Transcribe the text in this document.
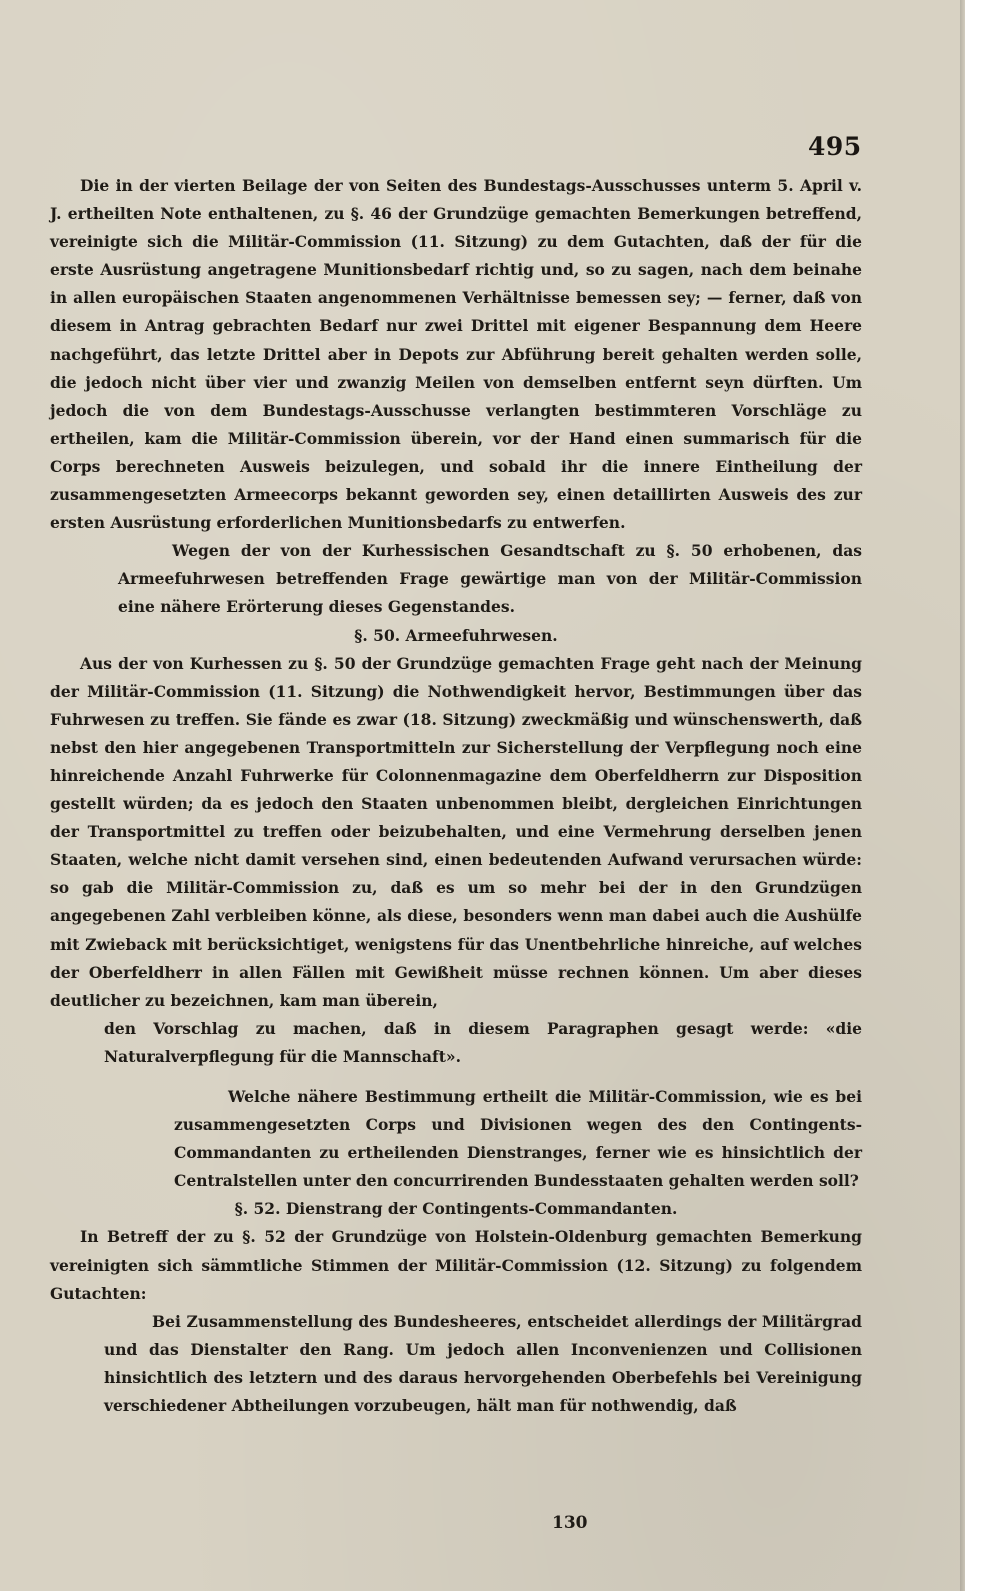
495

Die in der vierten Beilage der von Seiten des Bundestags-Ausschusses unterm 5. April v. J. ertheilten Note enthaltenen, zu §. 46 der Grundzüge gemachten Bemerkungen betreffend, vereinigte sich die Militär-Commission (11. Sitzung) zu dem Gutachten, daß der für die erste Ausrüstung angetragene Munitionsbedarf richtig und, so zu sagen, nach dem beinahe in allen europäischen Staaten angenommenen Verhältnisse bemessen sey; — ferner, daß von diesem in Antrag gebrachten Bedarf nur zwei Drittel mit eigener Bespannung dem Heere nachgeführt, das letzte Drittel aber in Depots zur Abführung bereit gehalten werden solle, die jedoch nicht über vier und zwanzig Meilen von demselben entfernt seyn dürften. Um jedoch die von dem Bundestags-Ausschusse verlangten bestimmteren Vorschläge zu ertheilen, kam die Militär-Commission überein, vor der Hand einen summarisch für die Corps berechneten Ausweis beizulegen, und sobald ihr die innere Eintheilung der zusammengesetzten Armeecorps bekannt geworden sey, einen detaillirten Ausweis des zur ersten Ausrüstung erforderlichen Munitionsbedarfs zu entwerfen.

Wegen der von der Kurhessischen Gesandtschaft zu §. 50 erhobenen, das Armeefuhrwesen betreffenden Frage gewärtige man von der Militär-Commission eine nähere Erörterung dieses Gegenstandes.

§. 50. Armeefuhrwesen.

Aus der von Kurhessen zu §. 50 der Grundzüge gemachten Frage geht nach der Meinung der Militär-Commission (11. Sitzung) die Nothwendigkeit hervor, Bestimmungen über das Fuhrwesen zu treffen. Sie fände es zwar (18. Sitzung) zweckmäßig und wünschenswerth, daß nebst den hier angegebenen Transportmitteln zur Sicherstellung der Verpflegung noch eine hinreichende Anzahl Fuhrwerke für Colonnenmagazine dem Oberfeldherrn zur Disposition gestellt würden; da es jedoch den Staaten unbenommen bleibt, dergleichen Einrichtungen der Transportmittel zu treffen oder beizubehalten, und eine Vermehrung derselben jenen Staaten, welche nicht damit versehen sind, einen bedeutenden Aufwand verursachen würde: so gab die Militär-Commission zu, daß es um so mehr bei der in den Grundzügen angegebenen Zahl verbleiben könne, als diese, besonders wenn man dabei auch die Aushülfe mit Zwieback mit berücksichtiget, wenigstens für das Unentbehrliche hinreiche, auf welches der Oberfeldherr in allen Fällen mit Gewißheit müsse rechnen können. Um aber dieses deutlicher zu bezeichnen, kam man überein,

den Vorschlag zu machen, daß in diesem Paragraphen gesagt werde: «die Naturalverpflegung für die Mannschaft».

Welche nähere Bestimmung ertheilt die Militär-Commission, wie es bei zusammengesetzten Corps und Divisionen wegen des den Contingents-Commandanten zu ertheilenden Dienstranges, ferner wie es hinsichtlich der Centralstellen unter den concurrirenden Bundesstaaten gehalten werden soll?

§. 52. Dienstrang der Contingents-Commandanten.

In Betreff der zu §. 52 der Grundzüge von Holstein-Oldenburg gemachten Bemerkung vereinigten sich sämmtliche Stimmen der Militär-Commission (12. Sitzung) zu folgendem Gutachten:

Bei Zusammenstellung des Bundesheeres, entscheidet allerdings der Militärgrad und das Dienstalter den Rang. Um jedoch allen Inconvenienzen und Collisionen hinsichtlich des letztern und des daraus hervorgehenden Oberbefehls bei Vereinigung verschiedener Abtheilungen vorzubeugen, hält man für nothwendig, daß

130
